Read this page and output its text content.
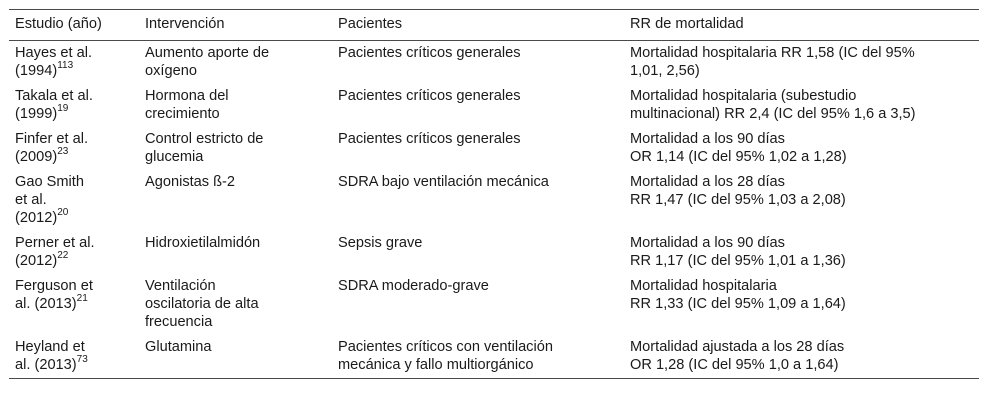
Estudio (año)	Intervención	Pacientes	RR de mortalidad

Hayes et al.
$(1994)^{113}$	Aumento aporte de
oxígeno	Pacientes críticos generales	Mortalidad hospitalaria RR 1,58 (IC del 95%
1,01, 2,56)

Takala et al.
$(1999)^{19}$	Hormona del
crecimiento	Pacientes críticos generales	Mortalidad hospitalaria (subestudio
multinacional) RR 2,4 (IC del 95% 1,6 a 3,5)

Finfer et al.
$(2009)^{23}$	Control estricto de
glucemia	Pacientes críticos generales	Mortalidad a los 90 días
OR 1,14 (IC del 95% 1,02 a 1,28)

Gao Smith
et al.
$(2012)^{20}$	Agonistas ß-2	SDRA bajo ventilación mecánica	Mortalidad a los 28 días
RR 1,47 (IC del 95% 1,03 a 2,08)

Perner et al.
$(2012)^{22}$	Hidroxietilalmidón	Sepsis grave	Mortalidad a los 90 días
RR 1,17 (IC del 95% 1,01 a 1,36)

Ferguson et
al. $(2013)^{21}$	Ventilación
oscilatoria de alta
frecuencia	SDRA moderado-grave	Mortalidad hospitalaria
RR 1,33 (IC del 95% 1,09 a 1,64)

Heyland et
al. $(2013)^{73}$	Glutamina	Pacientes críticos con ventilación
mecánica y fallo multiorgánico	Mortalidad ajustada a los 28 días
OR 1,28 (IC del 95% 1,0 a 1,64)
